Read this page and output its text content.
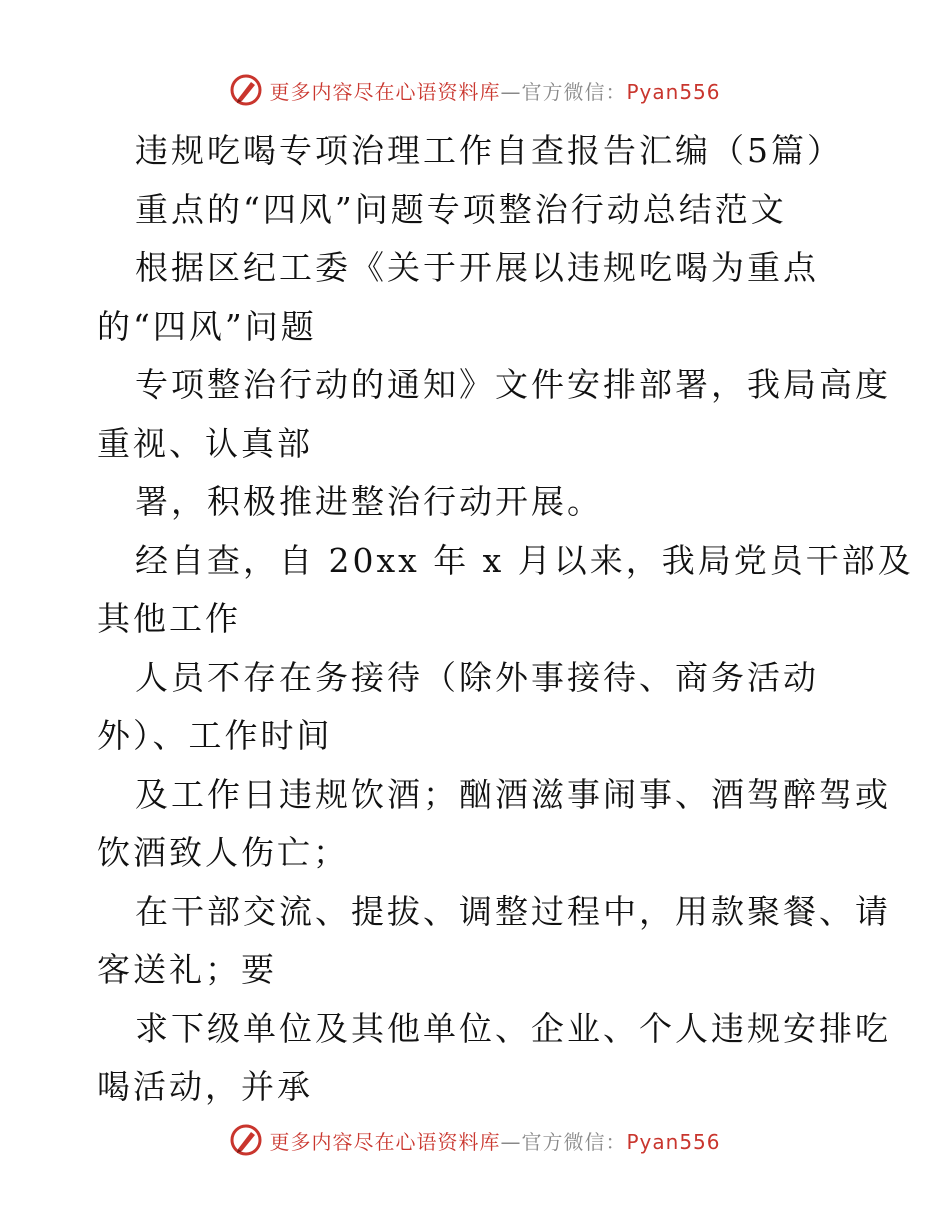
更多内容尽在心语资料库—官方微信：Pyan556
违规吃喝专项治理工作自查报告汇编（5篇）
重点的“四风”问题专项整治行动总结范文
根据区纪工委《关于开展以违规吃喝为重点
的“四风”问题
专项整治行动的通知》文件安排部署，我局高度
重视、认真部
署，积极推进整治行动开展。
经自查，自 20xx 年 x 月以来，我局党员干部及
其他工作
人员不存在务接待（除外事接待、商务活动
外）、工作时间
及工作日违规饮酒；酗酒滋事闹事、酒驾醉驾或
饮酒致人伤亡；
在干部交流、提拔、调整过程中，用款聚餐、请
客送礼；要
求下级单位及其他单位、企业、个人违规安排吃
喝活动，并承
更多内容尽在心语资料库—官方微信：Pyan556
